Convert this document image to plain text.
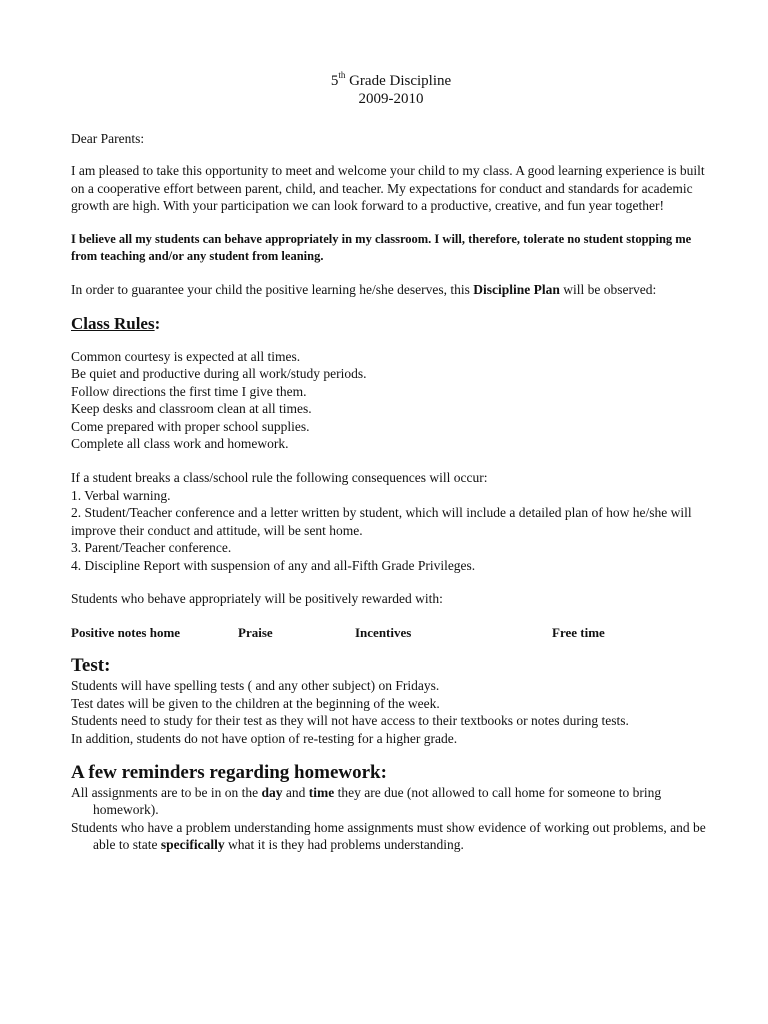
5th Grade Discipline
2009-2010

Dear Parents:

I am pleased to take this opportunity to meet and welcome your child to my class. A good learning experience is built on a cooperative effort between parent, child, and teacher. My expectations for conduct and standards for academic growth are high. With your participation we can look forward to a productive, creative, and fun year together!

I believe all my students can behave appropriately in my classroom. I will, therefore, tolerate no student stopping me from teaching and/or any student from leaning.

In order to guarantee your child the positive learning he/she deserves, this Discipline Plan will be observed:

Class Rules:

Common courtesy is expected at all times.

Be quiet and productive during all work/study periods.

Follow directions the first time I give them.

Keep desks and classroom clean at all times.

Come prepared with proper school supplies.

Complete all class work and homework.

If a student breaks a class/school rule the following consequences will occur:

1. Verbal warning.

2. Student/Teacher conference and a letter written by student, which will include a detailed plan of how he/she will improve their conduct and attitude, will be sent home.

3. Parent/Teacher conference.

4. Discipline Report with suspension of any and all-Fifth Grade Privileges.

Students who behave appropriately will be positively rewarded with:

Positive notes home	Praise	Incentives	Free time
Test:

Students will have spelling tests ( and any other subject) on Fridays.

Test dates will be given to the children at the beginning of the week.

Students need to study for their test as they will not have access to their textbooks or notes during tests.

In addition, students do not have option of re-testing for a higher grade.

A few reminders regarding homework:

All assignments are to be in on the day and time they are due (not allowed to call home for someone to bring homework).

Students who have a problem understanding home assignments must show evidence of working out problems, and be able to state specifically what it is they had problems understanding.
